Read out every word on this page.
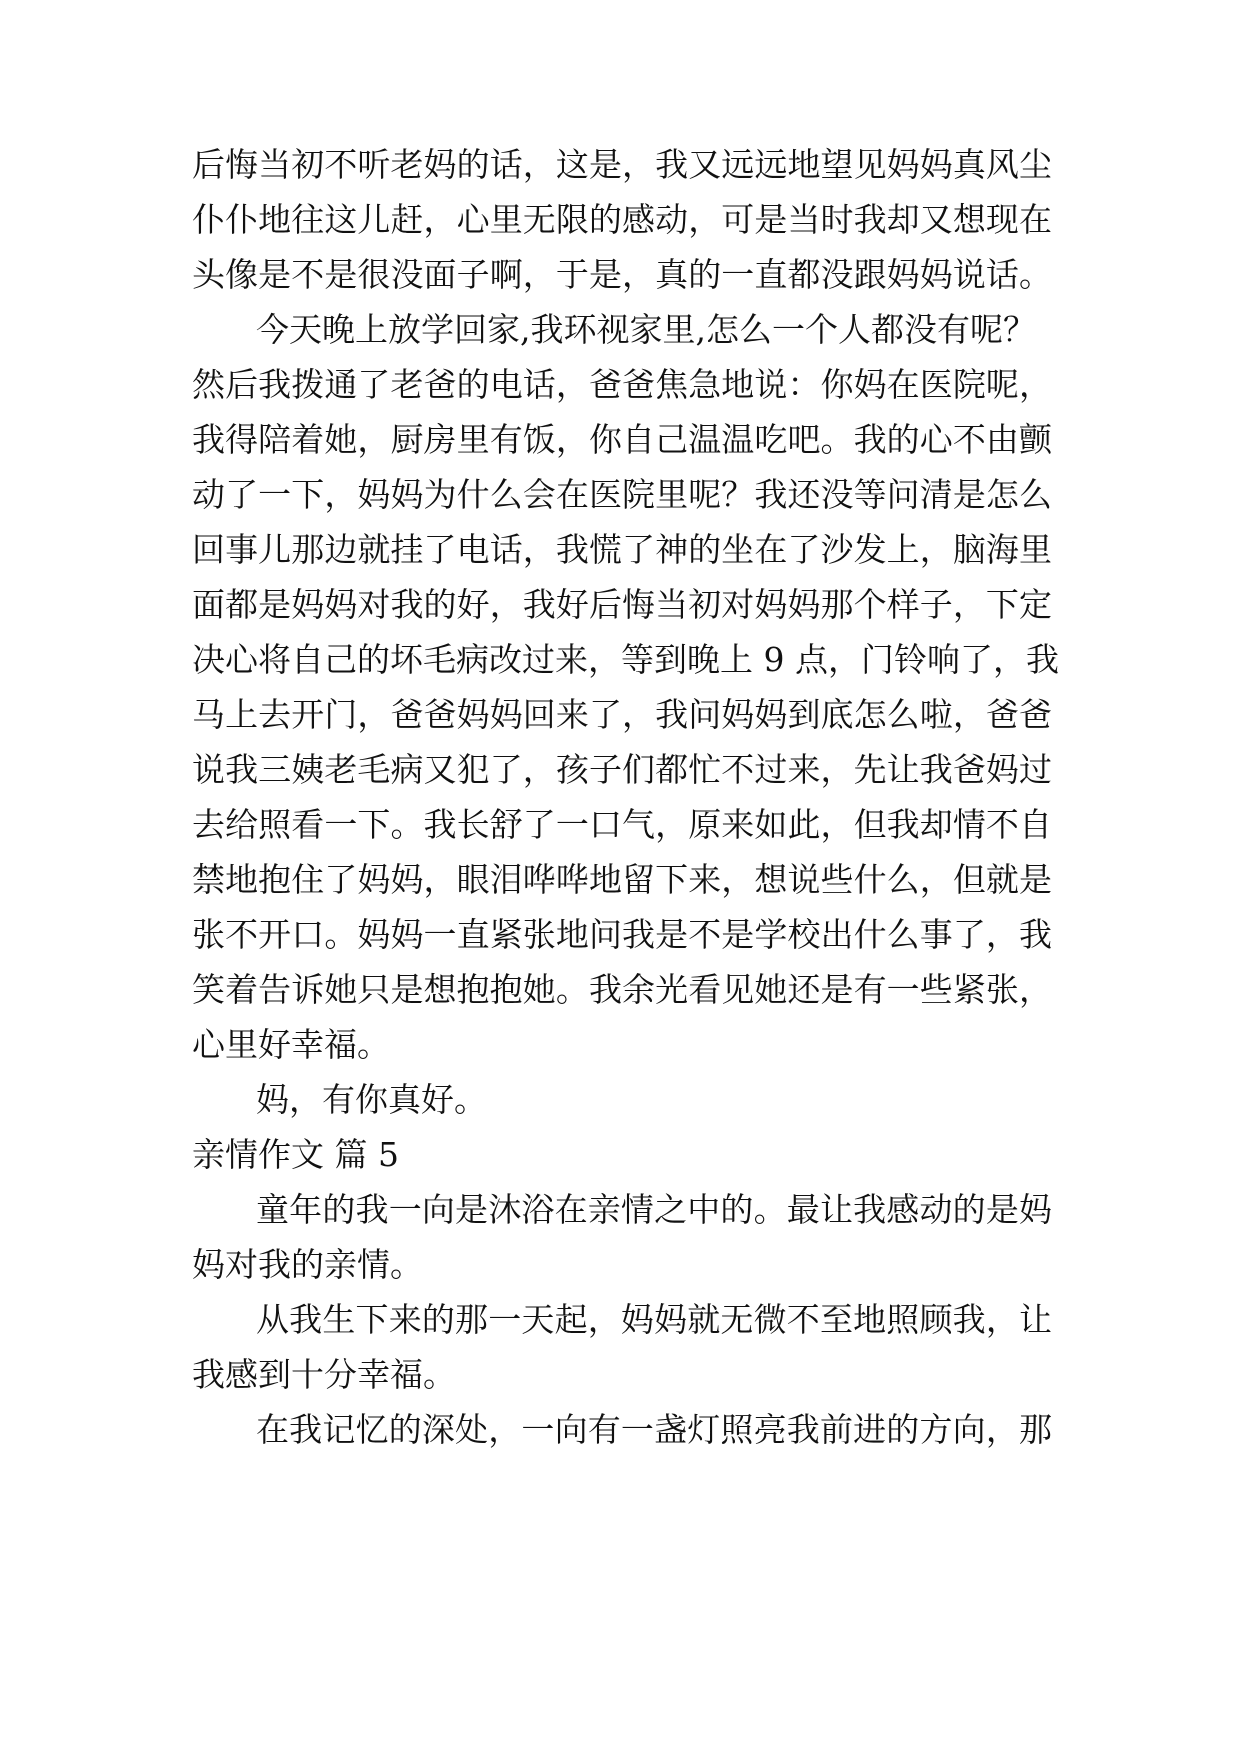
后悔当初不听老妈的话，这是，我又远远地望见妈妈真风尘
仆仆地往这儿赶，心里无限的感动，可是当时我却又想现在
头像是不是很没面子啊，于是，真的一直都没跟妈妈说话。
今天晚上放学回家,我环视家里,怎么一个人都没有呢？
然后我拨通了老爸的电话，爸爸焦急地说：你妈在医院呢，
我得陪着她，厨房里有饭，你自己温温吃吧。我的心不由颤
动了一下，妈妈为什么会在医院里呢？我还没等问清是怎么
回事儿那边就挂了电话，我慌了神的坐在了沙发上，脑海里
面都是妈妈对我的好，我好后悔当初对妈妈那个样子，下定
决心将自己的坏毛病改过来，等到晚上 9 点，门铃响了，我
马上去开门，爸爸妈妈回来了，我问妈妈到底怎么啦，爸爸
说我三姨老毛病又犯了，孩子们都忙不过来，先让我爸妈过
去给照看一下。我长舒了一口气，原来如此，但我却情不自
禁地抱住了妈妈，眼泪哗哗地留下来，想说些什么，但就是
张不开口。妈妈一直紧张地问我是不是学校出什么事了，我
笑着告诉她只是想抱抱她。我余光看见她还是有一些紧张，
心里好幸福。
妈，有你真好。
亲情作文 篇 5
童年的我一向是沐浴在亲情之中的。最让我感动的是妈
妈对我的亲情。
从我生下来的那一天起，妈妈就无微不至地照顾我，让
我感到十分幸福。
在我记忆的深处，一向有一盏灯照亮我前进的方向，那
